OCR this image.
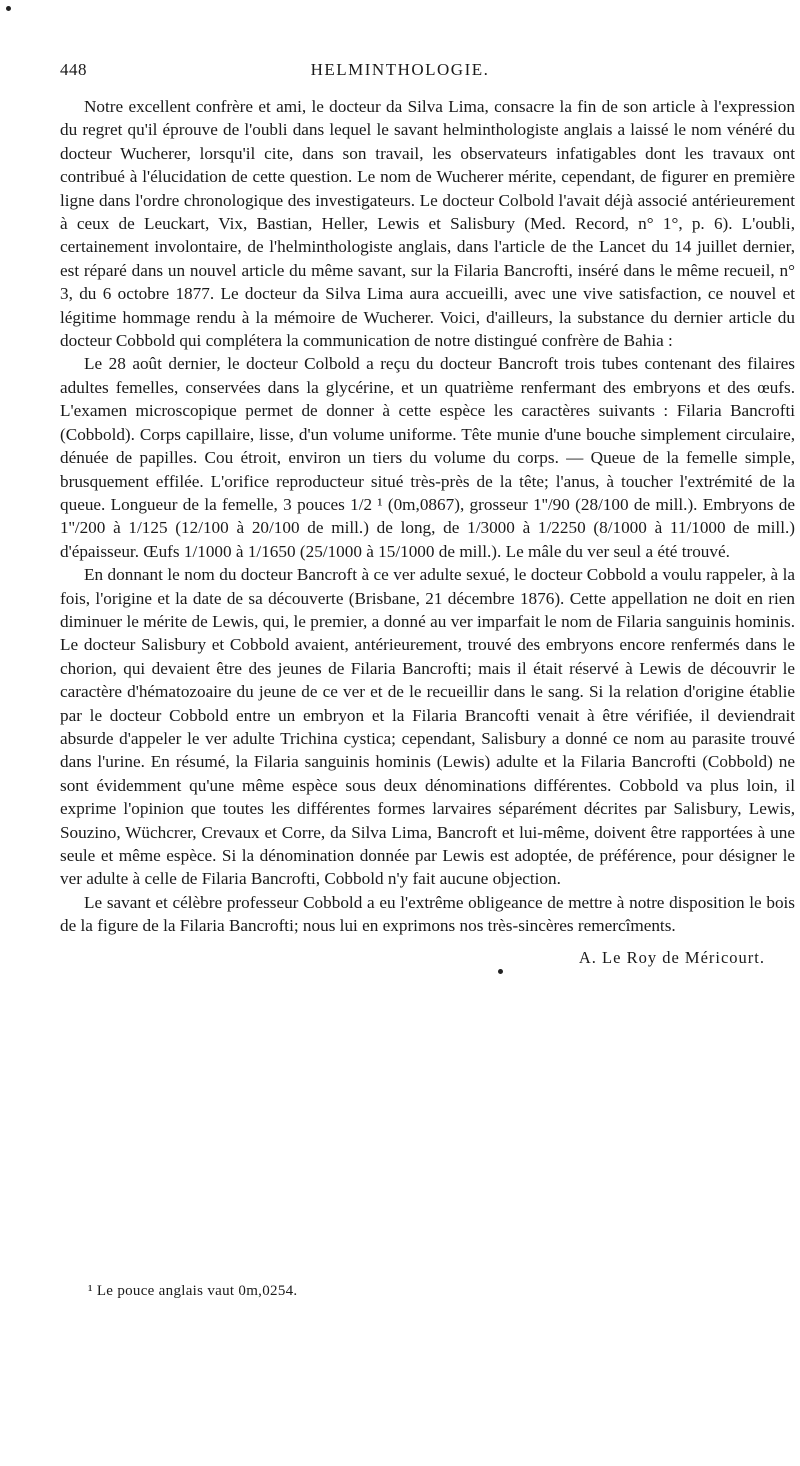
448	HELMINTHOLOGIE.

Notre excellent confrère et ami, le docteur da Silva Lima, consacre la fin de son article à l'expression du regret qu'il éprouve de l'oubli dans lequel le savant helminthologiste anglais a laissé le nom vénéré du docteur Wucherer, lorsqu'il cite, dans son travail, les observateurs infatigables dont les travaux ont contribué à l'élucidation de cette question. Le nom de Wucherer mérite, cependant, de figurer en première ligne dans l'ordre chronologique des investigateurs. Le docteur Colbold l'avait déjà associé antérieurement à ceux de Leuckart, Vix, Bastian, Heller, Lewis et Salisbury (Med. Record, n° 1°, p. 6). L'oubli, certainement involontaire, de l'helminthologiste anglais, dans l'article de the Lancet du 14 juillet dernier, est réparé dans un nouvel article du même savant, sur la Filaria Bancrofti, inséré dans le même recueil, n° 3, du 6 octobre 1877. Le docteur da Silva Lima aura accueilli, avec une vive satisfaction, ce nouvel et légitime hommage rendu à la mémoire de Wucherer. Voici, d'ailleurs, la substance du dernier article du docteur Cobbold qui complétera la communication de notre distingué confrère de Bahia :

Le 28 août dernier, le docteur Colbold a reçu du docteur Bancroft trois tubes contenant des filaires adultes femelles, conservées dans la glycérine, et un quatrième renfermant des embryons et des œufs. L'examen microscopique permet de donner à cette espèce les caractères suivants : Filaria Bancrofti (Cobbold). Corps capillaire, lisse, d'un volume uniforme. Tête munie d'une bouche simplement circulaire, dénuée de papilles. Cou étroit, environ un tiers du volume du corps. — Queue de la femelle simple, brusquement effilée. L'orifice reproducteur situé très-près de la tête; l'anus, à toucher l'extrémité de la queue. Longueur de la femelle, 3 pouces 1/2 ¹ (0m,0867), grosseur 1''/90 (28/100 de mill.). Embryons de 1''/200 à 1/125 (12/100 à 20/100 de mill.) de long, de 1/3000 à 1/2250 (8/1000 à 11/1000 de mill.) d'épaisseur. Œufs 1/1000 à 1/1650 (25/1000 à 15/1000 de mill.). Le mâle du ver seul a été trouvé.

En donnant le nom du docteur Bancroft à ce ver adulte sexué, le docteur Cobbold a voulu rappeler, à la fois, l'origine et la date de sa découverte (Brisbane, 21 décembre 1876). Cette appellation ne doit en rien diminuer le mérite de Lewis, qui, le premier, a donné au ver imparfait le nom de Filaria sanguinis hominis. Le docteur Salisbury et Cobbold avaient, antérieurement, trouvé des embryons encore renfermés dans le chorion, qui devaient être des jeunes de Filaria Bancrofti; mais il était réservé à Lewis de découvrir le caractère d'hématozoaire du jeune de ce ver et de le recueillir dans le sang. Si la relation d'origine établie par le docteur Cobbold entre un embryon et la Filaria Brancofti venait à être vérifiée, il deviendrait absurde d'appeler le ver adulte Trichina cystica; cependant, Salisbury a donné ce nom au parasite trouvé dans l'urine. En résumé, la Filaria sanguinis hominis (Lewis) adulte et la Filaria Bancrofti (Cobbold) ne sont évidemment qu'une même espèce sous deux dénominations différentes. Cobbold va plus loin, il exprime l'opinion que toutes les différentes formes larvaires séparément décrites par Salisbury, Lewis, Souzino, Wüchcrer, Crevaux et Corre, da Silva Lima, Bancroft et lui-même, doivent être rapportées à une seule et même espèce. Si la dénomination donnée par Lewis est adoptée, de préférence, pour désigner le ver adulte à celle de Filaria Bancrofti, Cobbold n'y fait aucune objection.

Le savant et célèbre professeur Cobbold a eu l'extrême obligeance de mettre à notre disposition le bois de la figure de la Filaria Bancrofti; nous lui en exprimons nos très-sincères remercîments.

A. Le Roy de Méricourt.

¹ Le pouce anglais vaut 0m,0254.
